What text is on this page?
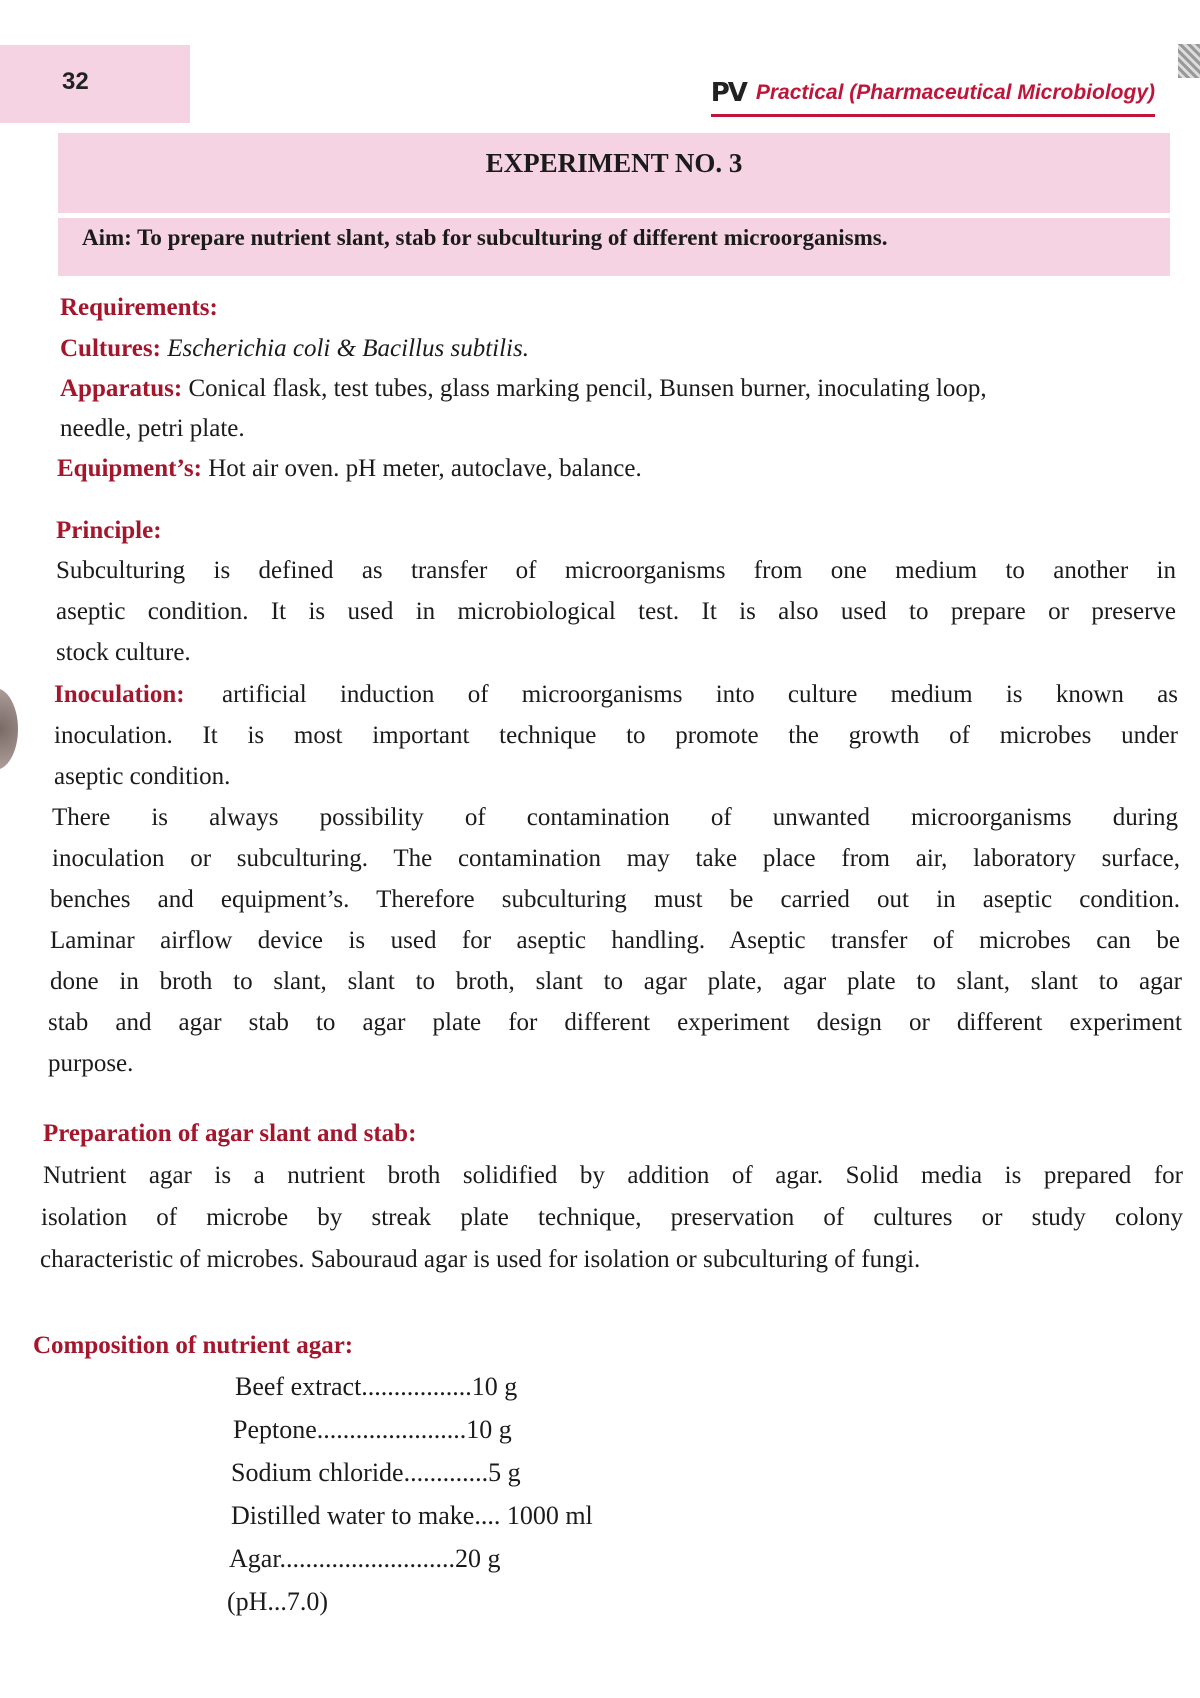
32	PV Practical (Pharmaceutical Microbiology)
EXPERIMENT NO. 3
Aim: To prepare nutrient slant, stab for subculturing of different microorganisms.
Requirements:
Cultures: Escherichia coli & Bacillus subtilis.
Apparatus: Conical flask, test tubes, glass marking pencil, Bunsen burner, inoculating loop,
needle, petri plate.
Equipment’s: Hot air oven. pH meter, autoclave, balance.
Principle:
Subculturing is defined as transfer of microorganisms from one medium to another in
aseptic condition. It is used in microbiological test. It is also used to prepare or preserve
stock culture.
Inoculation: artificial induction of microorganisms into culture medium is known as
inoculation. It is most important technique to promote the growth of microbes under
aseptic condition.
There is always possibility of contamination of unwanted microorganisms during
inoculation or subculturing. The contamination may take place from air, laboratory surface,
benches and equipment’s. Therefore subculturing must be carried out in aseptic condition.
Laminar airflow device is used for aseptic handling. Aseptic transfer of microbes can be
done in broth to slant, slant to broth, slant to agar plate, agar plate to slant, slant to agar
stab and agar stab to agar plate for different experiment design or different experiment
purpose.
Preparation of agar slant and stab:
Nutrient agar is a nutrient broth solidified by addition of agar. Solid media is prepared for
isolation of microbe by streak plate technique, preservation of cultures or study colony
characteristic of microbes. Sabouraud agar is used for isolation or subculturing of fungi.
Composition of nutrient agar:
Beef extract.................10 g
Peptone.......................10 g
Sodium chloride.............5 g
Distilled water to make.... 1000 ml
Agar...........................20 g
(pH...7.0)
